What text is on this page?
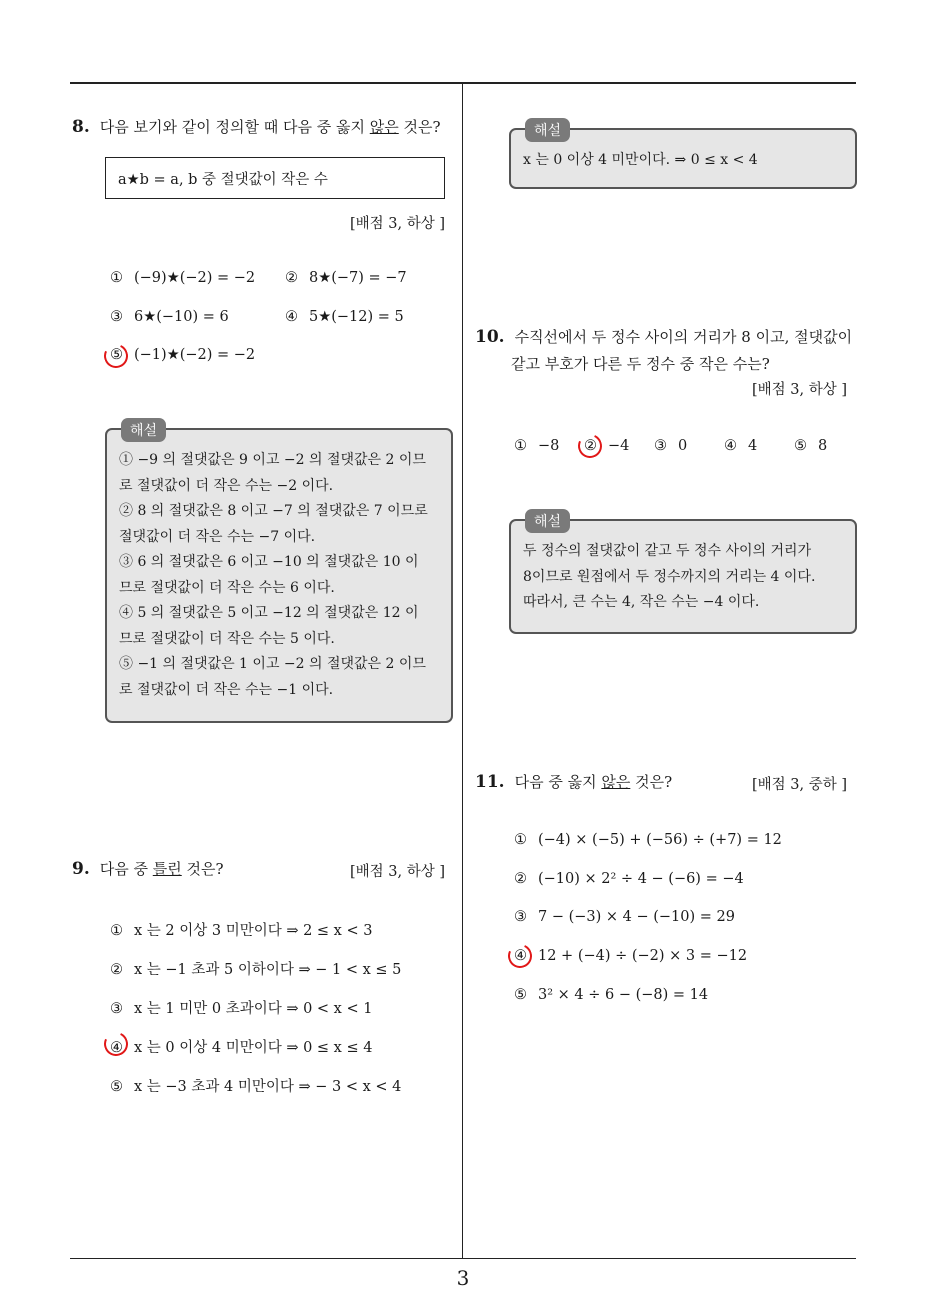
8. 다음 보기와 같이 정의할 때 다음 중 옳지 않은 것은?
a★b = a, b 중 절댓값이 작은 수
[배점 3, 하상 ]
① (−9)★(−2) = −2 ② 8★(−7) = −7
③ 6★(−10) = 6	④ 5★(−12) = 5
⑤ (−1)★(−2) = −2
해설
① −9 의 절댓값은 9 이고 −2 의 절댓값은 2 이므
로 절댓값이 더 작은 수는 −2 이다.
② 8 의 절댓값은 8 이고 −7 의 절댓값은 7 이므로
절댓값이 더 작은 수는 −7 이다.
③ 6 의 절댓값은 6 이고 −10 의 절댓값은 10 이
므로 절댓값이 더 작은 수는 6 이다.
④ 5 의 절댓값은 5 이고 −12 의 절댓값은 12 이
므로 절댓값이 더 작은 수는 5 이다.
⑤ −1 의 절댓값은 1 이고 −2 의 절댓값은 2 이므
로 절댓값이 더 작은 수는 −1 이다.
9. 다음 중 틀린 것은?	[배점 3, 하상 ]
① x 는 2 이상 3 미만이다 ⇒ 2 ≤ x < 3
② x 는 −1 초과 5 이하이다 ⇒ − 1 < x ≤ 5
③ x 는 1 미만 0 초과이다 ⇒ 0 < x < 1
④ x 는 0 이상 4 미만이다 ⇒ 0 ≤ x ≤ 4
⑤ x 는 −3 초과 4 미만이다 ⇒ − 3 < x < 4
해설
x 는 0 이상 4 미만이다. ⇒ 0 ≤ x < 4
10. 수직선에서 두 정수 사이의 거리가 8 이고, 절댓값이
같고 부호가 다른 두 정수 중 작은 수는?
[배점 3, 하상 ]
① −8 ② −4 ③ 0	④ 4	⑤ 8
해설
두 정수의 절댓값이 같고 두 정수 사이의 거리가
8이므로 원점에서 두 정수까지의 거리는 4 이다.
따라서, 큰 수는 4, 작은 수는 −4 이다.
11. 다음 중 옳지 않은 것은?	[배점 3, 중하 ]
① (−4) × (−5) + (−56) ÷ (+7) = 12
② (−10) × 2² ÷ 4 − (−6) = −4
③ 7 − (−3) × 4 − (−10) = 29
④ 12 + (−4) ÷ (−2) × 3 = −12
⑤ 3² × 4 ÷ 6 − (−8) = 14
3
